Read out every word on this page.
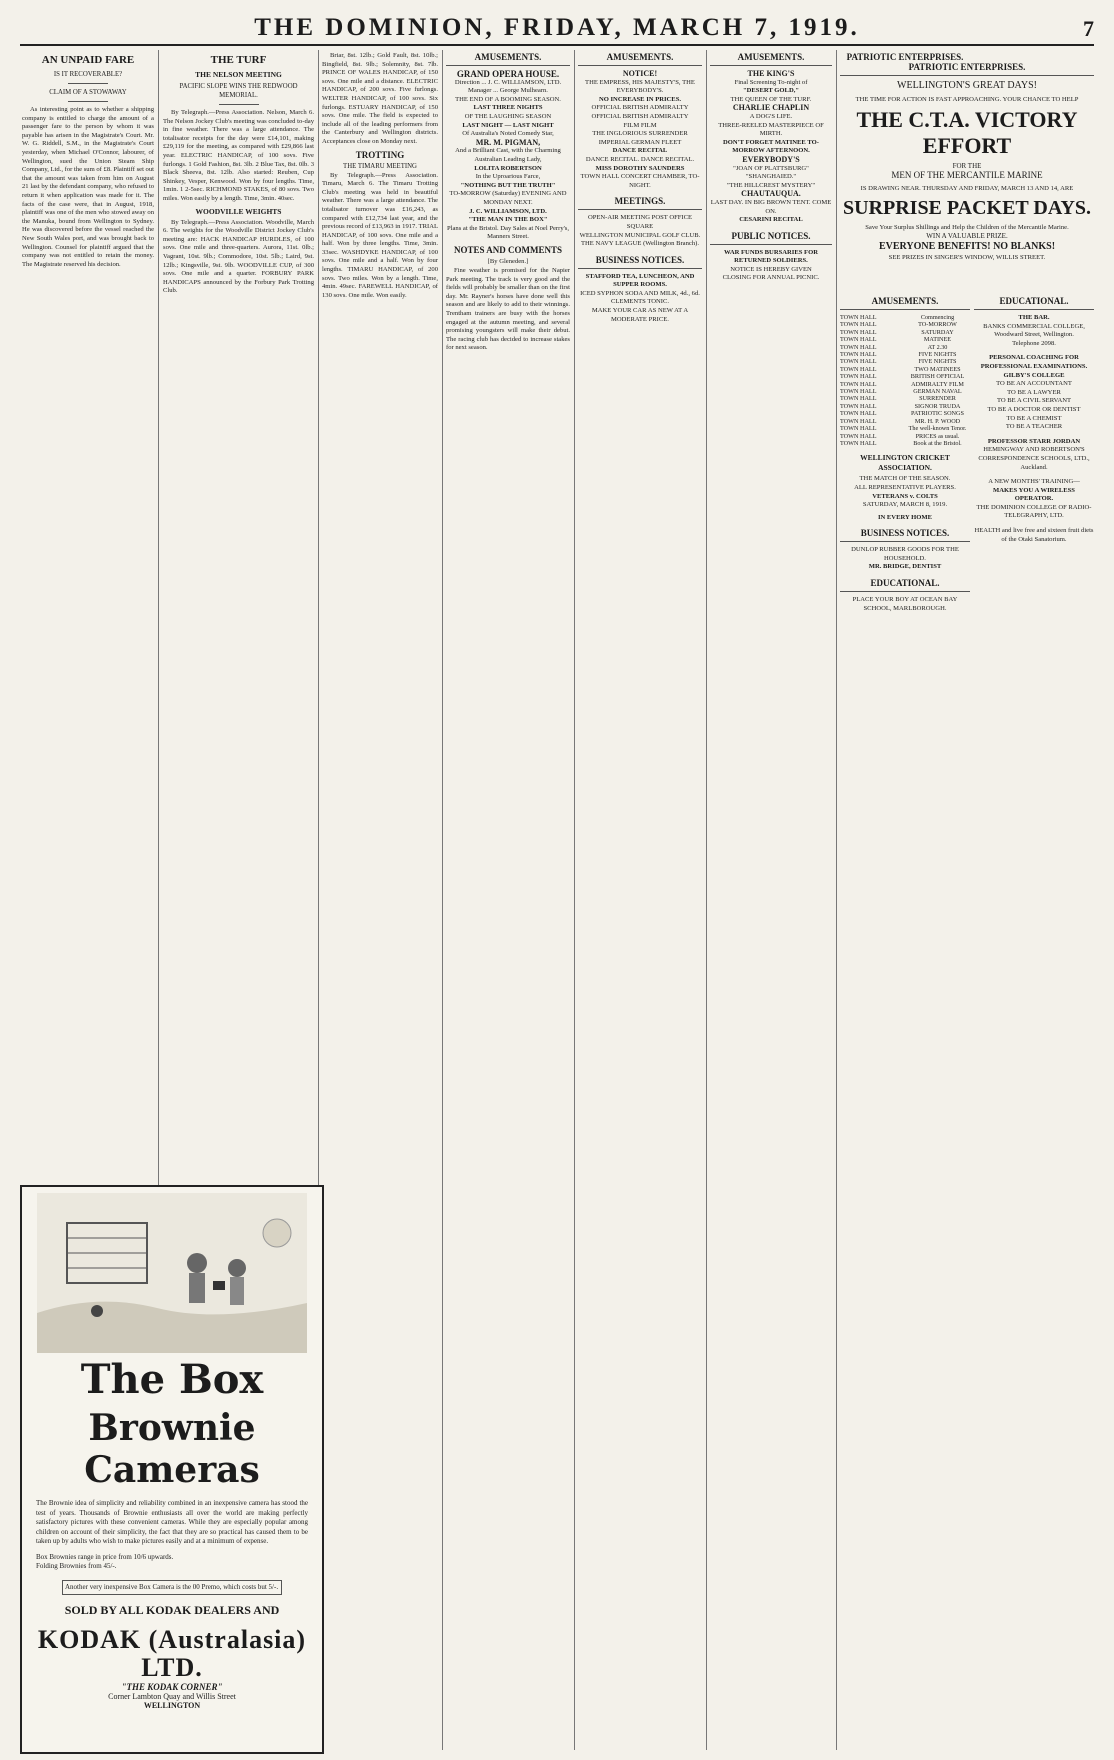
THE DOMINION, FRIDAY, MARCH 7, 1919.	7
AN UNPAID FARE
IS IT RECOVERABLE?
CLAIM OF A STOWAWAY

As interesting point as to whether a shipping company is entitled to charge the amount of a passenger fare to the person by whom it was payable has arisen in the Magistrate's Court. Mr. W. G. Riddell, S.M., in the Magistrate's Court yesterday, when Michael O'Connor, labourer, of Wellington, sued the Union Steam Ship Company, Ltd., for the sum of £8. Plaintiff set out that the amount was taken from him on August 21 last by the defendant company, who refused to return it when application was made for it. The facts of the case were, that in August, 1918, plaintiff was one of the men who stowed away on the Manuka, bound from Wellington to Sydney. He was discovered before the vessel reached the New South Wales port, and was brought back to Wellington. Counsel for plaintiff argued that the company was not entitled to retain the money. The Magistrate reserved his decision.

THE TURF
THE NELSON MEETING
PACIFIC SLOPE WINS THE REDWOOD MEMORIAL.

By Telegraph.—Press Association. Nelson, March 6. The Nelson Jockey Club's meeting was concluded to-day in fine weather. There was a large attendance. The totalisator receipts for the day were £14,101, making £29,119 for the meeting, as compared with £29,866 last year. ELECTRIC HANDICAP, of 100 sovs. Five furlongs. 1 Gold Fashion, 8st. 3lb. 2 Blue Tax, 8st. 0lb. 3 Black Sheeva, 8st. 12lb. Also started: Reuben, Cup Shinkey, Vesper, Kenwood. Won by four lengths. Time, 1min. 1 2-5sec. RICHMOND STAKES, of 80 sovs. Two miles. Won easily by a length. Time, 3min. 40sec.

WOODVILLE WEIGHTS

By Telegraph.—Press Association. Woodville, March 6. The weights for the Woodville District Jockey Club's meeting are: HACK HANDICAP HURDLES, of 100 sovs. One mile and three-quarters. Aurora, 11st. 0lb.; Vagrant, 10st. 9lb.; Commodore, 10st. 5lb.; Laird, 9st. 12lb.; Kingsville, 9st. 9lb. WOODVILLE CUP, of 300 sovs. One mile and a quarter. FORBURY PARK HANDICAPS announced by the Forbury Park Trotting Club.

Briar, 8st. 12lb.; Gold Fault, 8st. 10lb.; Bingfield, 8st. 9lb.; Solemnity, 8st. 7lb. PRINCE OF WALES HANDICAP, of 150 sovs. One mile and a distance. ELECTRIC HANDICAP, of 200 sovs. Five furlongs. WELTER HANDICAP, of 100 sovs. Six furlongs. ESTUARY HANDICAP, of 150 sovs. One mile. The field is expected to include all of the leading performers from the Canterbury and Wellington districts. Acceptances close on Monday next.

TROTTING
THE TIMARU MEETING

By Telegraph.—Press Association. Timaru, March 6. The Timaru Trotting Club's meeting was held in beautiful weather. There was a large attendance. The totalisator turnover was £16,243, as compared with £12,734 last year, and the previous record of £13,963 in 1917. TRIAL HANDICAP, of 100 sovs. One mile and a half. Won by three lengths. Time, 3min. 33sec. WASHDYKE HANDICAP, of 100 sovs. One mile and a half. Won by four lengths. TIMARU HANDICAP, of 200 sovs. Two miles. Won by a length. Time, 4min. 49sec. FAREWELL HANDICAP, of 130 sovs. One mile. Won easily.

AMUSEMENTS.
GRAND OPERA HOUSE.
Direction ... J. C. WILLIAMSON, LTD.
Manager ... George Mulhearn.
THE END OF A BOOMING SEASON.
LAST THREE NIGHTS
OF THE LAUGHING SEASON
LAST NIGHT — LAST NIGHT
Of Australia's Noted Comedy Star,
MR. M. PIGMAN,
And a Brilliant Cast, with the Charming Australian Leading Lady,
LOLITA ROBERTSON
In the Uproarious Farce,
"NOTHING BUT THE TRUTH"
TO-MORROW (Saturday) EVENING AND MONDAY NEXT.
J. C. WILLIAMSON, LTD.
"THE MAN IN THE BOX"
Plans at the Bristol. Day Sales at Noel Perry's, Manners Street.
NOTES AND COMMENTS
[By Gleneden.]

Fine weather is promised for the Napier Park meeting. The track is very good and the fields will probably be smaller than on the first day. Mr. Rayner's horses have done well this season and are likely to add to their winnings. Trentham trainers are busy with the horses engaged at the autumn meeting, and several promising youngsters will make their debut. The racing club has decided to increase stakes for next season.

AMUSEMENTS.
NOTICE!
THE EMPRESS, HIS MAJESTY'S, THE EVERYBODY'S.
NO INCREASE IN PRICES.
OFFICIAL BRITISH ADMIRALTY OFFICIAL BRITISH ADMIRALTY
FILM FILM
THE INGLORIOUS SURRENDER
IMPERIAL GERMAN FLEET
DANCE RECITAL
DANCE RECITAL. DANCE RECITAL.
MISS DOROTHY SAUNDERS
TOWN HALL CONCERT CHAMBER, TO-NIGHT.
MEETINGS.
OPEN-AIR MEETING POST OFFICE SQUARE
WELLINGTON MUNICIPAL GOLF CLUB.
THE NAVY LEAGUE (Wellington Branch).
BUSINESS NOTICES.
STAFFORD TEA, LUNCHEON, AND SUPPER ROOMS.
ICED SYPHON SODA AND MILK, 4d., 6d.
CLEMENTS TONIC.
MAKE YOUR CAR AS NEW AT A MODERATE PRICE.
AMUSEMENTS.
THE KING'S
Final Screening To-night of
"DESERT GOLD,"
THE QUEEN OF THE TURF.
CHARLIE CHAPLIN
A DOG'S LIFE.
THREE-REELED MASTERPIECE OF MIRTH.
DON'T FORGET MATINEE TO-MORROW AFTERNOON.
EVERYBODY'S
"JOAN OF PLATTSBURG"
"SHANGHAIED."
"THE HILLCREST MYSTERY"
CHAUTAUQUA.
LAST DAY. IN BIG BROWN TENT. COME ON.
CESARINI RECITAL
PUBLIC NOTICES.
WAR FUNDS BURSARIES FOR RETURNED SOLDIERS.
NOTICE IS HEREBY GIVEN
CLOSING FOR ANNUAL PICNIC.
PATRIOTIC ENTERPRISES.
PATRIOTIC ENTERPRISES.
WELLINGTON'S GREAT DAYS!
THE TIME FOR ACTION IS FAST APPROACHING. YOUR CHANCE TO HELP
THE C.T.A. VICTORY EFFORT
FOR THE
MEN OF THE MERCANTILE MARINE
IS DRAWING NEAR. THURSDAY AND FRIDAY, MARCH 13 AND 14, ARE
SURPRISE PACKET DAYS.
Save Your Surplus Shillings and Help the Children of the Mercantile Marine.
WIN A VALUABLE PRIZE.
EVERYONE BENEFITS! NO BLANKS!
SEE PRIZES IN SINGER'S WINDOW, WILLIS STREET.
AMUSEMENTS.
TOWN HALL
TOWN HALL
TOWN HALL
TOWN HALL
TOWN HALL
TOWN HALL
TOWN HALL
TOWN HALL
TOWN HALL
TOWN HALL
TOWN HALL
TOWN HALL
TOWN HALL
TOWN HALL
TOWN HALL
TOWN HALL
TOWN HALL
TOWN HALL
Commencing
TO-MORROW
SATURDAY
MATINEE
AT 2.30
FIVE NIGHTS
FIVE NIGHTS
TWO MATINEES
BRITISH OFFICIAL
ADMIRALTY FILM
GERMAN NAVAL
SURRENDER
SIGNOR TRUDA
PATRIOTIC SONGS
MR. H. P. WOOD
The well-known Tenor.
PRICES as usual.
Book at the Bristol.
WELLINGTON CRICKET ASSOCIATION.
THE MATCH OF THE SEASON.
ALL REPRESENTATIVE PLAYERS.
VETERANS v. COLTS
SATURDAY, MARCH 8, 1919.
IN EVERY HOME
BUSINESS NOTICES.
DUNLOP RUBBER GOODS FOR THE HOUSEHOLD.
MR. BRIDGE, DENTIST
EDUCATIONAL.
PLACE YOUR BOY AT OCEAN BAY SCHOOL, MARLBOROUGH.
EDUCATIONAL.
THE BAR.
BANKS COMMERCIAL COLLEGE, Woodward Street, Wellington.
Telephone 2098.
PERSONAL COACHING FOR PROFESSIONAL EXAMINATIONS.
GILBY'S COLLEGE
TO BE AN ACCOUNTANT
TO BE A LAWYER
TO BE A CIVIL SERVANT
TO BE A DOCTOR OR DENTIST
TO BE A CHEMIST
TO BE A TEACHER
PROFESSOR STARR JORDAN
HEMINGWAY AND ROBERTSON'S CORRESPONDENCE SCHOOLS, LTD., Auckland.
A NEW MONTHS' TRAINING—
MAKES YOU A WIRELESS OPERATOR.
THE DOMINION COLLEGE OF RADIO-TELEGRAPHY, LTD.
HEALTH and live free and sixteen fruit diets of the Otaki Sanatorium.
The Box
Brownie Cameras
The Brownie idea of simplicity and reliability combined in an inexpensive camera has stood the test of years. Thousands of Brownie enthusiasts all over the world are making perfectly satisfactory pictures with these convenient cameras. While they are especially popular among children on account of their simplicity, the fact that they are so practical has caused them to be taken up by adults who wish to make pictures easily and at a minimum of expense.
Box Brownies range in price from 10/6 upwards.
Folding Brownies from 45/-.
Another very inexpensive Box Camera is the 00 Premo, which costs but 5/-.
SOLD BY ALL KODAK DEALERS AND
KODAK (Australasia) LTD.
"THE KODAK CORNER"
Corner Lambton Quay and Willis Street
WELLINGTON
